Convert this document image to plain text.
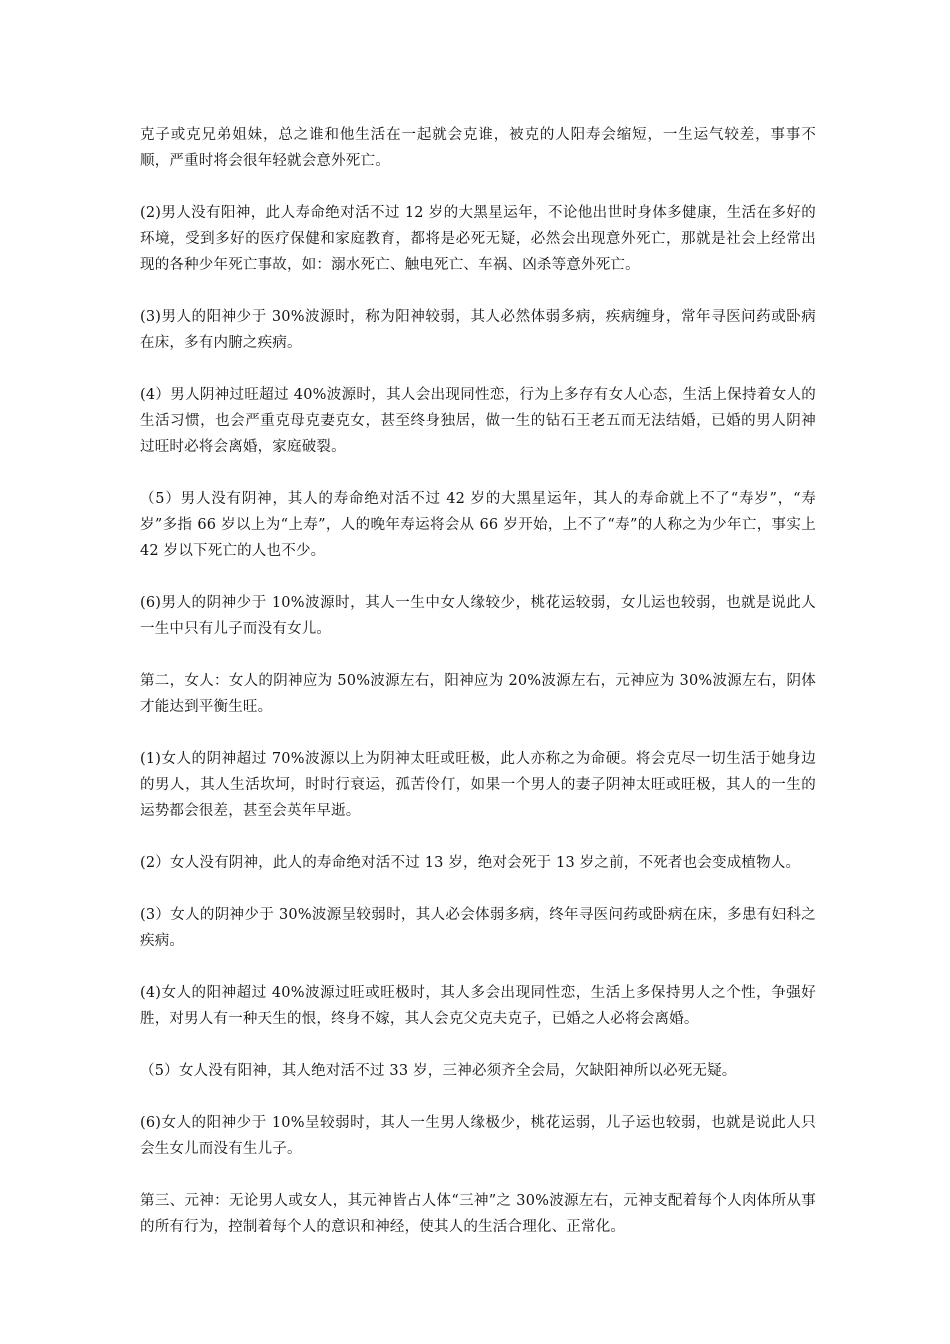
克子或克兄弟姐妹，总之谁和他生活在一起就会克谁，被克的人阳寿会缩短，一生运气较差，事事不顺，严重时将会很年轻就会意外死亡。

(2)男人没有阳神，此人寿命绝对活不过 12 岁的大黑星运年，不论他出世时身体多健康，生活在多好的环境，受到多好的医疗保健和家庭教育，都将是必死无疑，必然会出现意外死亡，那就是社会上经常出现的各种少年死亡事故，如：溺水死亡、触电死亡、车祸、凶杀等意外死亡。

(3)男人的阳神少于 30%波源时，称为阳神较弱，其人必然体弱多病，疾病缠身，常年寻医问药或卧病在床，多有内腑之疾病。

(4）男人阴神过旺超过 40%波源时，其人会出现同性恋，行为上多存有女人心态，生活上保持着女人的生活习惯，也会严重克母克妻克女，甚至终身独居，做一生的钻石王老五而无法结婚，已婚的男人阴神过旺时必将会离婚，家庭破裂。

（5）男人没有阴神，其人的寿命绝对活不过 42 岁的大黑星运年，其人的寿命就上不了“寿岁”，“寿岁”多指 66 岁以上为“上寿”，人的晚年寿运将会从 66 岁开始，上不了“寿”的人称之为少年亡，事实上 42 岁以下死亡的人也不少。

(6)男人的阴神少于 10%波源时，其人一生中女人缘较少，桃花运较弱，女儿运也较弱，也就是说此人一生中只有儿子而没有女儿。

第二，女人：女人的阴神应为 50%波源左右，阳神应为 20%波源左右，元神应为 30%波源左右，阴体才能达到平衡生旺。

(1)女人的阴神超过 70%波源以上为阴神太旺或旺极，此人亦称之为命硬。将会克尽一切生活于她身边的男人，其人生活坎坷，时时行衰运，孤苦伶仃，如果一个男人的妻子阴神太旺或旺极，其人的一生的运势都会很差，甚至会英年早逝。

(2）女人没有阴神，此人的寿命绝对活不过 13 岁，绝对会死于 13 岁之前，不死者也会变成植物人。

(3）女人的阴神少于 30%波源呈较弱时，其人必会体弱多病，终年寻医问药或卧病在床，多患有妇科之疾病。

(4)女人的阳神超过 40%波源过旺或旺极时，其人多会出现同性恋，生活上多保持男人之个性，争强好胜，对男人有一种天生的恨，终身不嫁，其人会克父克夫克子，已婚之人必将会离婚。

（5）女人没有阳神，其人绝对活不过 33 岁，三神必须齐全会局，欠缺阳神所以必死无疑。

(6)女人的阳神少于 10%呈较弱时，其人一生男人缘极少，桃花运弱，儿子运也较弱，也就是说此人只会生女儿而没有生儿子。

第三、元神：无论男人或女人，其元神皆占人体“三神”之 30%波源左右，元神支配着每个人肉体所从事的所有行为，控制着每个人的意识和神经，使其人的生活合理化、正常化。
